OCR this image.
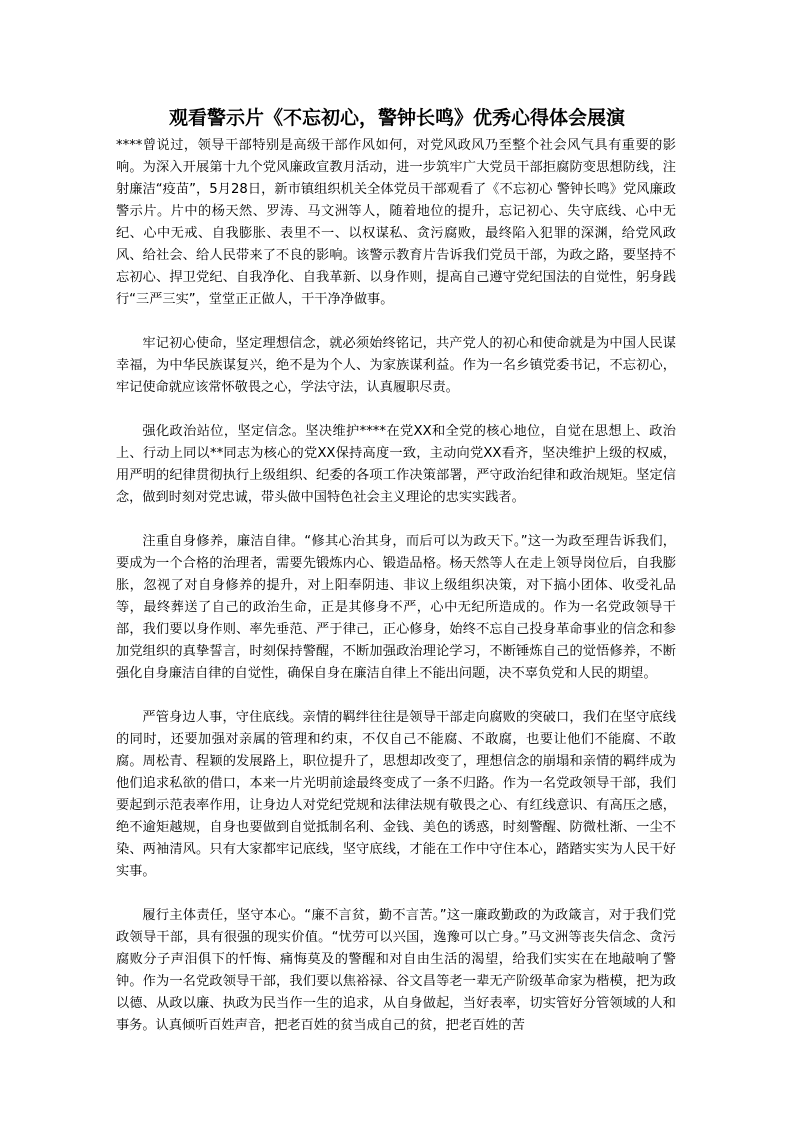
观看警示片《不忘初心，警钟长鸣》优秀心得体会展演

****曾说过，领导干部特别是高级干部作风如何，对党风政风乃至整个社会风气具有重要的影响。为深入开展第十九个党风廉政宣教月活动，进一步筑牢广大党员干部拒腐防变思想防线，注射廉洁“疫苗”，5月28日，新市镇组织机关全体党员干部观看了《不忘初心 警钟长鸣》党风廉政警示片。片中的杨天然、罗涛、马文洲等人，随着地位的提升，忘记初心、失守底线、心中无纪、心中无戒、自我膨胀、表里不一、以权谋私、贪污腐败，最终陷入犯罪的深渊，给党风政风、给社会、给人民带来了不良的影响。该警示教育片告诉我们党员干部，为政之路，要坚持不忘初心、捍卫党纪、自我净化、自我革新、以身作则，提高自己遵守党纪国法的自觉性，躬身践行“三严三实”，堂堂正正做人，干干净净做事。

牢记初心使命，坚定理想信念，就必须始终铭记，共产党人的初心和使命就是为中国人民谋幸福，为中华民族谋复兴，绝不是为个人、为家族谋利益。作为一名乡镇党委书记，不忘初心，牢记使命就应该常怀敬畏之心，学法守法，认真履职尽责。

强化政治站位，坚定信念。坚决维护****在党XX和全党的核心地位，自觉在思想上、政治上、行动上同以**同志为核心的党XX保持高度一致，主动向党XX看齐，坚决维护上级的权威，用严明的纪律贯彻执行上级组织、纪委的各项工作决策部署，严守政治纪律和政治规矩。坚定信念，做到时刻对党忠诚，带头做中国特色社会主义理论的忠实实践者。

注重自身修养，廉洁自律。“修其心治其身，而后可以为政天下。”这一为政至理告诉我们，要成为一个合格的治理者，需要先锻炼内心、锻造品格。杨天然等人在走上领导岗位后，自我膨胀，忽视了对自身修养的提升，对上阳奉阴违、非议上级组织决策，对下搞小团体、收受礼品等，最终葬送了自己的政治生命，正是其修身不严，心中无纪所造成的。作为一名党政领导干部，我们要以身作则、率先垂范、严于律己，正心修身，始终不忘自己投身革命事业的信念和参加党组织的真挚誓言，时刻保持警醒，不断加强政治理论学习，不断锤炼自己的觉悟修养，不断强化自身廉洁自律的自觉性，确保自身在廉洁自律上不能出问题，决不辜负党和人民的期望。

严管身边人事，守住底线。亲情的羁绊往往是领导干部走向腐败的突破口，我们在坚守底线的同时，还要加强对亲属的管理和约束，不仅自己不能腐、不敢腐，也要让他们不能腐、不敢腐。周松青、程颖的发展路上，职位提升了，思想却改变了，理想信念的崩塌和亲情的羁绊成为他们追求私欲的借口，本来一片光明前途最终变成了一条不归路。作为一名党政领导干部，我们要起到示范表率作用，让身边人对党纪党规和法律法规有敬畏之心、有红线意识、有高压之感，绝不逾矩越规，自身也要做到自觉抵制名利、金钱、美色的诱惑，时刻警醒、防微杜渐、一尘不染、两袖清风。只有大家都牢记底线，坚守底线，才能在工作中守住本心，踏踏实实为人民干好实事。

履行主体责任，坚守本心。“廉不言贫，勤不言苦。”这一廉政勤政的为政箴言，对于我们党政领导干部，具有很强的现实价值。“忧劳可以兴国，逸豫可以亡身。”马文洲等丧失信念、贪污腐败分子声泪俱下的忏悔、痛悔莫及的警醒和对自由生活的渴望，给我们实实在在地敲响了警钟。作为一名党政领导干部，我们要以焦裕禄、谷文昌等老一辈无产阶级革命家为楷模，把为政以德、从政以廉、执政为民当作一生的追求，从自身做起，当好表率，切实管好分管领域的人和事务。认真倾听百姓声音，把老百姓的贫当成自己的贫，把老百姓的苦
